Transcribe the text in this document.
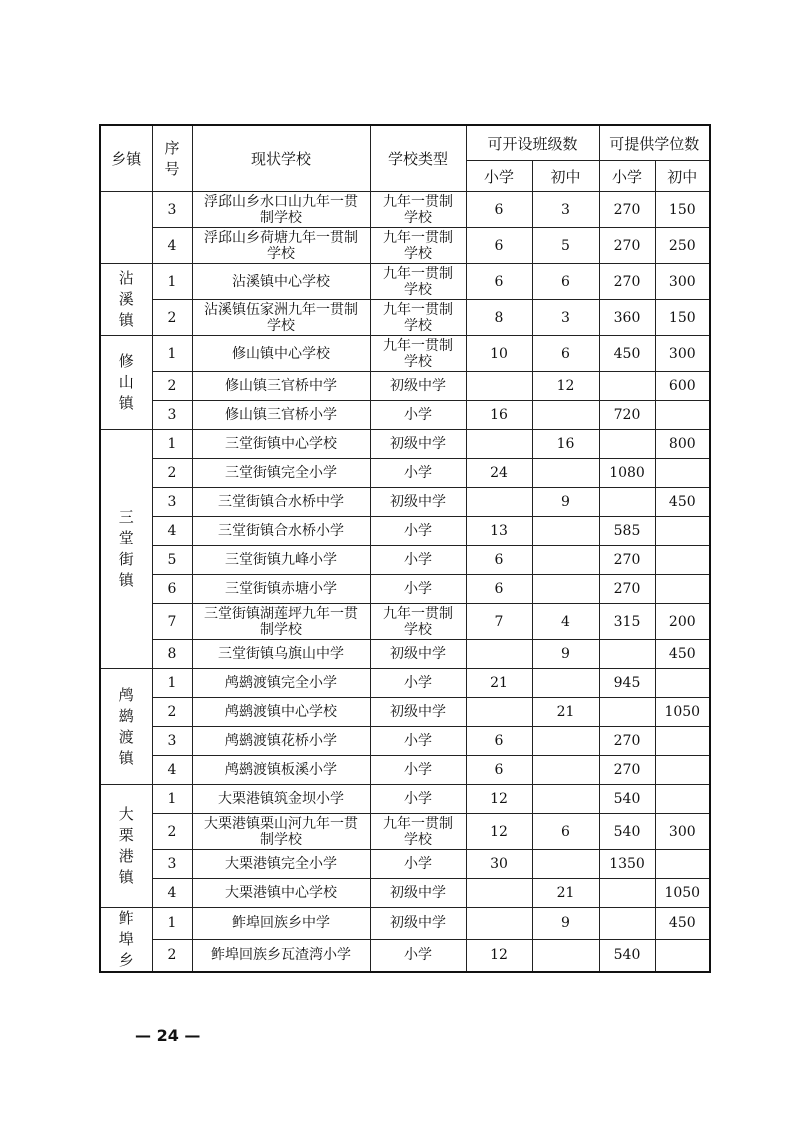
乡镇	序号	现状学校	学校类型	可开设班级数		可提供学位数	
				小学	初中	小学	初中
	3	浮邱山乡水口山九年一贯制学校	九年一贯制学校	6	3	270	150
	4	浮邱山乡荷塘九年一贯制学校	九年一贯制学校	6	5	270	250
沾溪镇	1	沾溪镇中心学校	九年一贯制学校	6	6	270	300
	2	沾溪镇伍家洲九年一贯制学校	九年一贯制学校	8	3	360	150
修山镇	1	修山镇中心学校	九年一贯制学校	10	6	450	300
	2	修山镇三官桥中学	初级中学		12		600
	3	修山镇三官桥小学	小学	16		720	
三堂街镇	1	三堂街镇中心学校	初级中学		16		800
	2	三堂街镇完全小学	小学	24		1080	
	3	三堂街镇合水桥中学	初级中学		9		450
	4	三堂街镇合水桥小学	小学	13		585	
	5	三堂街镇九峰小学	小学	6		270	
	6	三堂街镇赤塘小学	小学	6		270	
	7	三堂街镇湖莲坪九年一贯制学校	九年一贯制学校	7	4	315	200
	8	三堂街镇乌旗山中学	初级中学		9		450
鸬鹚渡镇	1	鸬鹚渡镇完全小学	小学	21		945	
	2	鸬鹚渡镇中心学校	初级中学		21		1050
	3	鸬鹚渡镇花桥小学	小学	6		270	
	4	鸬鹚渡镇板溪小学	小学	6		270	
大栗港镇	1	大栗港镇筑金坝小学	小学	12		540	
	2	大栗港镇栗山河九年一贯制学校	九年一贯制学校	12	6	540	300
	3	大栗港镇完全小学	小学	30		1350	
	4	大栗港镇中心学校	初级中学		21		1050
鲊埠乡	1	鲊埠回族乡中学	初级中学		9		450
	2	鲊埠回族乡瓦渣湾小学	小学	12		540	
— 24 —
